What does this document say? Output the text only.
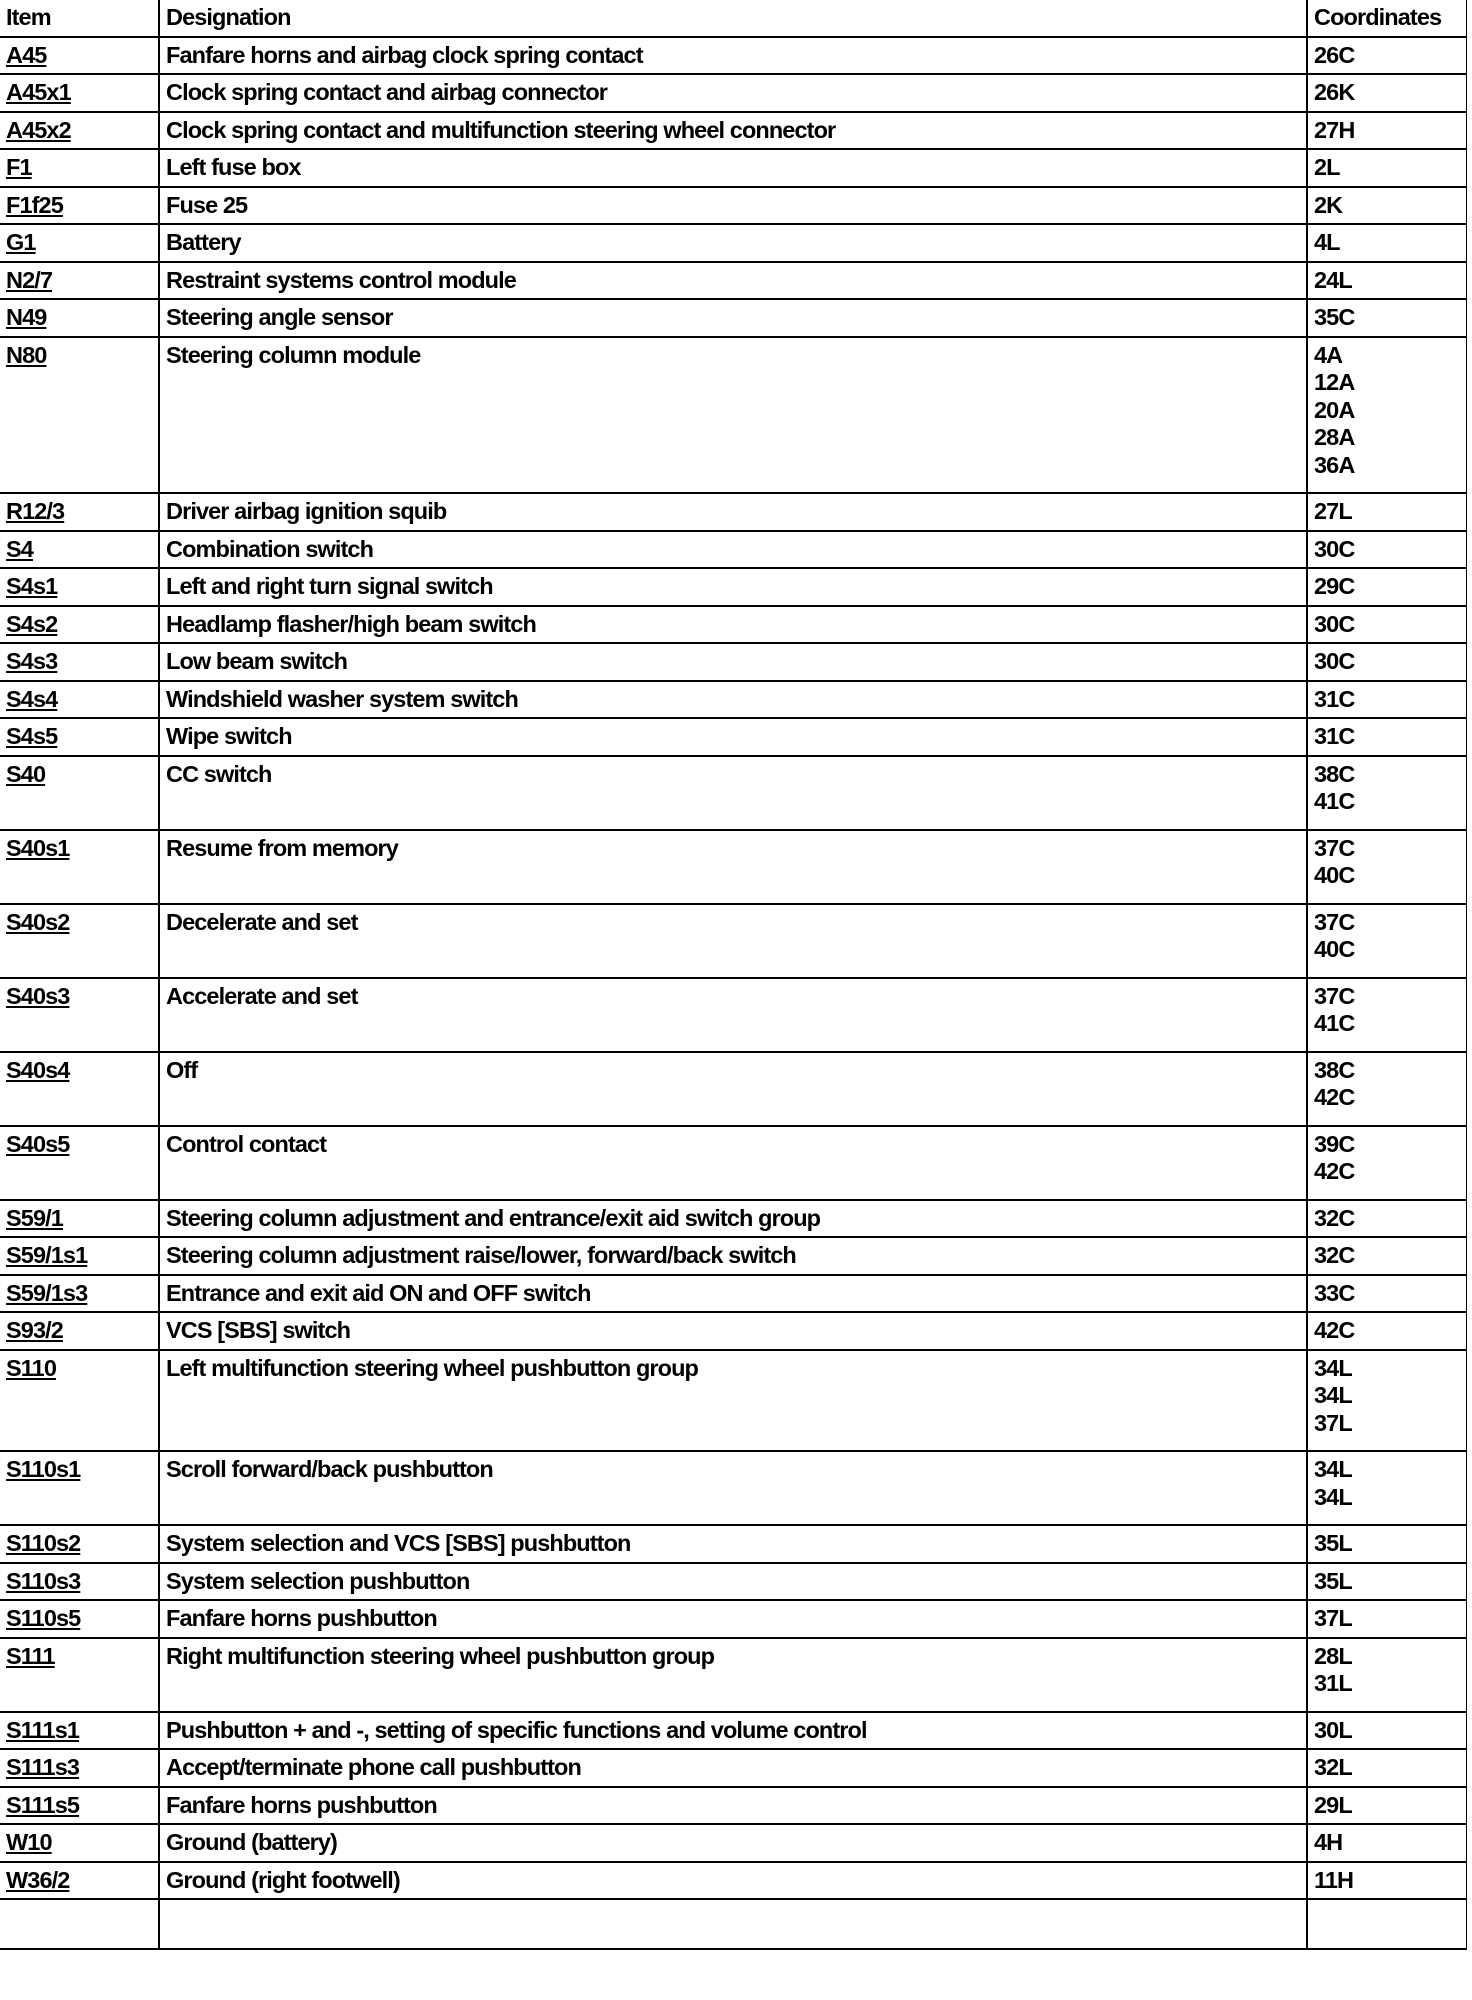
Item	Designation	Coordinates
A45	Fanfare horns and airbag clock spring contact	26C

A45x1	Clock spring contact and airbag connector	26K

A45x2	Clock spring contact and multifunction steering wheel connector	27H

F1	Left fuse box	2L

F1f25	Fuse 25	2K

G1	Battery	4L

N2/7	Restraint systems control module	24L

N49	Steering angle sensor	35C

N80	Steering column module	4A
12A
20A
28A
36A

R12/3	Driver airbag ignition squib	27L

S4	Combination switch	30C

S4s1	Left and right turn signal switch	29C

S4s2	Headlamp flasher/high beam switch	30C

S4s3	Low beam switch	30C

S4s4	Windshield washer system switch	31C

S4s5	Wipe switch	31C

S40	CC switch	38C
41C

S40s1	Resume from memory	37C
40C

S40s2	Decelerate and set	37C
40C

S40s3	Accelerate and set	37C
41C

S40s4	Off	38C
42C

S40s5	Control contact	39C
42C

S59/1	Steering column adjustment and entrance/exit aid switch group	32C

S59/1s1	Steering column adjustment raise/lower, forward/back switch	32C

S59/1s3	Entrance and exit aid ON and OFF switch	33C

S93/2	VCS [SBS] switch	42C

S110	Left multifunction steering wheel pushbutton group	34L
34L
37L

S110s1	Scroll forward/back pushbutton	34L
34L

S110s2	System selection and VCS [SBS] pushbutton	35L

S110s3	System selection pushbutton	35L

S110s5	Fanfare horns pushbutton	37L

S111	Right multifunction steering wheel pushbutton group	28L
31L

S111s1	Pushbutton + and -, setting of specific functions and volume control	30L

S111s3	Accept/terminate phone call pushbutton	32L

S111s5	Fanfare horns pushbutton	29L

W10	Ground (battery)	4H

W36/2	Ground (right footwell)	11H
